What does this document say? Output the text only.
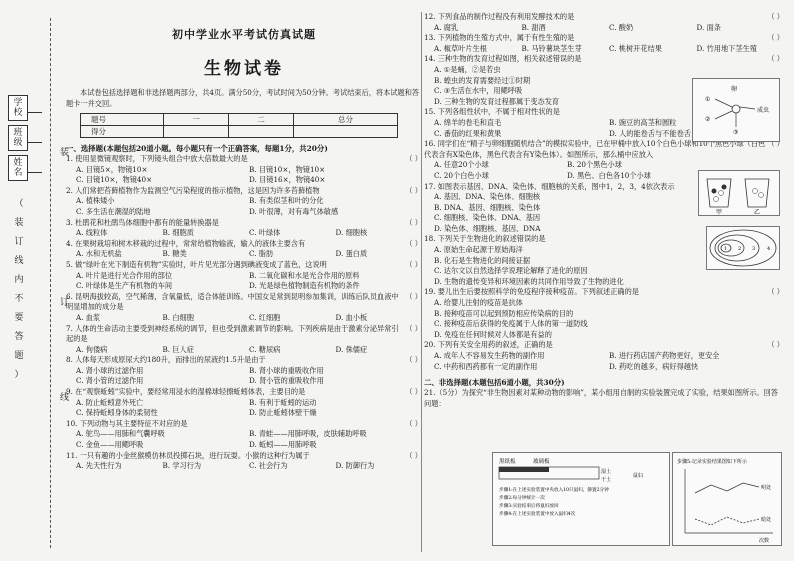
学 校
班 级
姓 名
（ 装 订 线 内 不 要 答 题 ）
装
订
线
初中学业水平考试仿真试题
生物试卷
本试卷包括选择题和非选择题两部分，共4页。满分50分，考试时间为50分钟。考试结束后，将本试题和答题卡一并交回。
题号	一	二	总分
得分			
一、选择题(本题包括20道小题。每小题只有一个正确答案，每题1分，共20分)
1. 使用显微镜观察时，下列镜头组合中放大倍数最大的是	（ ）
A. 目镜5×，物镜10×	B. 目镜10×，物镜10×
C. 目镜10×，物镜40×	D. 目镜16×，物镜40×
2. 人们常把苔藓植物作为监测空气污染程度的指示植物，这是因为许多苔藓植物	（ ）
A. 植株矮小	B. 有类似茎和叶的分化
C. 多生活在潮湿的陆地	D. 叶很薄，对有毒气体敏感
3. 杜鹃花和杜鹃鸟体细胞中都有的能量转换器是	（ ）
A. 线粒体	B. 细胞质	C. 叶绿体	D. 细胞核
4. 在果树栽培和树木移栽的过程中，常常给植物输液，输入的液体主要含有	（ ）
A. 水和无机盐	B. 糖类	C. 脂肪	D. 蛋白质
5. 做“绿叶在光下制造有机物”实验时，叶片见光部分遇到碘液变成了蓝色，这说明	（ ）
A. 叶片是进行光合作用的部位	B. 二氧化碳和水是光合作用的原料
C. 叶绿体是生产有机物的车间	D. 光是绿色植物制造有机物的条件
6. 昆明海拔较高，空气稀薄，含氧量低，适合体能训练。中国女足常到昆明参加集训，训练后队员血液中明显增加的成分是
（ ）
A. 血浆	B. 白细胞	C. 红细胞	D. 血小板
7. 人体的生命活动主要受到神经系统的调节，但也受到激素调节的影响。下列疾病是由于激素分泌异常引起的是
（ ）
A. 佝偻病	B. 巨人症	C. 糖尿病	D. 侏儒症
8. 人体每天形成原尿大约180升，而排出的尿液约1.5升是由于	（ ）
A. 肾小球的过滤作用	B. 肾小球的重吸收作用
C. 肾小管的过滤作用	D. 肾小管的重吸收作用
9. 在“观察蚯蚓”实验中，要经常用浸水的湿棉球轻擦蚯蚓体表，主要目的是	（ ）
A. 防止蚯蚓意外死亡	B. 有利于蚯蚓的运动
C. 保持蚯蚓身体的柔韧性	D. 防止蚯蚓体壁干燥
10. 下列动物与其主要特征不对应的是	（ ）
A. 鸵鸟——用肺和气囊呼吸	B. 青蛙——用肺呼吸，皮肤辅助呼吸
C. 金鱼——用鳃呼吸	D. 蚯蚓——用肺呼吸
11. 一只有趣的小金丝猴模仿林员投掷石块，进行玩耍。小猴的这种行为属于	（ ）
A. 先天性行为	B. 学习行为	C. 社会行为	D. 防御行为
12. 下列食品的制作过程没有利用发酵技术的是	（ ）
A. 腐乳	B. 甜酒	C. 酸奶	D. 面条
13. 下列植物的生殖方式中，属于有性生殖的是	（ ）
A. 椒草叶片生根	B. 马铃薯块茎生芽	C. 桃树开花结果	D. 竹用地下茎生殖
14. 三种生物的发育过程如图，相关叙述错误的是	（ ）
A. ①是蛹，②是若虫
B. 蝗虫的发育需要经过①时期
C. ③生活在水中，用鳃呼吸
D. 三种生物的发育过程都属于变态发育
15. 下列各组性状中，不属于相对性状的是	（ ）
A. 绵羊的卷毛和直毛	B. 豌豆的高茎和圆粒
C. 番茄的红果和黄果	D. 人的能卷舌与不能卷舌
16. 同学们在“精子与卵细胞随机结合”的模拟实验中，已在甲桶中放入10个白色小球和10个黑色小球（白色代表含有X染色体，黑色代表含有Y染色体）。如图所示，那么桶中应放入
（ ）
A. 任意20个小球	B. 20个黑色小球
C. 20个白色小球	D. 黑色、白色各10个小球
17. 如图表示基因、DNA、染色体、细胞核的关系，图中1，2，3，4依次表示	（ ）
A. 基因、DNA、染色体、细胞核
B. DNA、基因、细胞核、染色体
C. 细胞核、染色体、DNA、基因
D. 染色体、细胞核、基因、DNA
18. 下列关于生物进化的叙述错误的是	（ ）
A. 原始生命起源于原始海洋
B. 化石是生物进化的间接证据
C. 达尔文以自然选择学说理论解释了进化的原因
D. 生物的遗传变异和环境因素的共同作用导致了生物的进化
19. 要儿出生后要按照科学的免疫程序接种疫苗。下列叙述正确的是	（ ）
A. 给婴儿注射的疫苗是抗体
B. 接种疫苗可以起到预防相应传染病的目的
C. 接种疫苗后获得的免疫属于人体的第一道防线
D. 免疫在任何时候对人体都是有益的
20. 下列有关安全用药的叙述，正确的是	（ ）
A. 成年人不容易发生药物的副作用	B. 进行药店国产药物更好，更安全
C. 中药和西药都有一定的副作用	D. 药吃的越多，病好得越快
二、非选择题(本题包括6道小题，共30分)
21.（5分）为探究“非生物因素对某种动物的影响”，某小组用自制的实验装置完成了实验，结果如图所示。回答问题：
卵
成虫
①
②
③
甲	乙
1 2 3 4
黑纸板	玻璃板
湿土
干土
鼠妇
步骤1:在上述实验装置中央放入10只鼠妇，静置2分钟
步骤2:每分钟统计一次
步骤3:实验结束后将鼠妇放回
步骤4:在上述实验装置中放入鼠妇4次
步骤5:记录实验结果图如下所示
明处
暗处
次数
